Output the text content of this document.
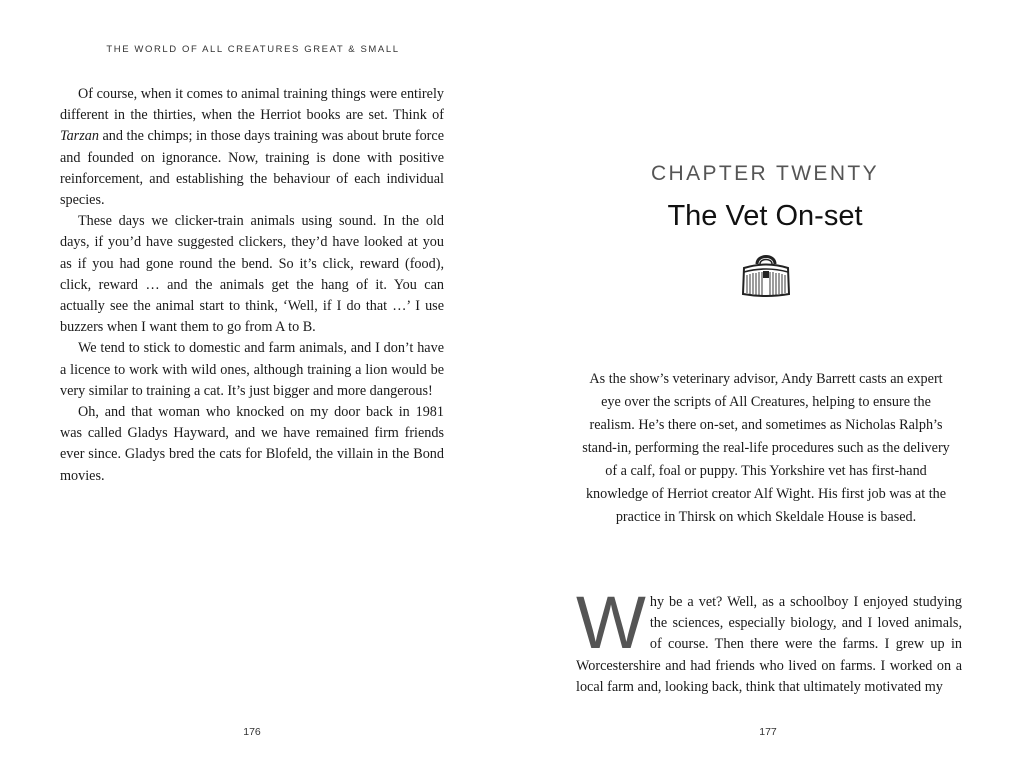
THE WORLD OF ALL CREATURES GREAT & SMALL

Of course, when it comes to animal training things were entirely different in the thirties, when the Herriot books are set. Think of Tarzan and the chimps; in those days training was about brute force and founded on ignorance. Now, training is done with positive reinforcement, and establishing the behaviour of each individual species.

These days we clicker-train animals using sound. In the old days, if you’d have suggested clickers, they’d have looked at you as if you had gone round the bend. So it’s click, reward (food), click, reward … and the animals get the hang of it. You can actually see the animal start to think, ‘Well, if I do that …’ I use buzzers when I want them to go from A to B.

We tend to stick to domestic and farm animals, and I don’t have a licence to work with wild ones, although training a lion would be very similar to training a cat. It’s just bigger and more dangerous!

Oh, and that woman who knocked on my door back in 1981 was called Gladys Hayward, and we have remained firm friends ever since. Gladys bred the cats for Blofeld, the villain in the Bond movies.

176
CHAPTER TWENTY
The Vet On-set
As the show’s veterinary advisor, Andy Barrett casts an expert eye over the scripts of All Creatures, helping to ensure the realism. He’s there on-set, and sometimes as Nicholas Ralph’s stand-in, performing the real-life procedures such as the delivery of a calf, foal or puppy. This Yorkshire vet has first-hand knowledge of Herriot creator Alf Wight. His first job was at the practice in Thirsk on which Skeldale House is based.

Why be a vet? Well, as a schoolboy I enjoyed studying the sciences, especially biology, and I loved animals, of course. Then there were the farms. I grew up in Worcestershire and had friends who lived on farms. I worked on a local farm and, looking back, think that ultimately motivated my

177
